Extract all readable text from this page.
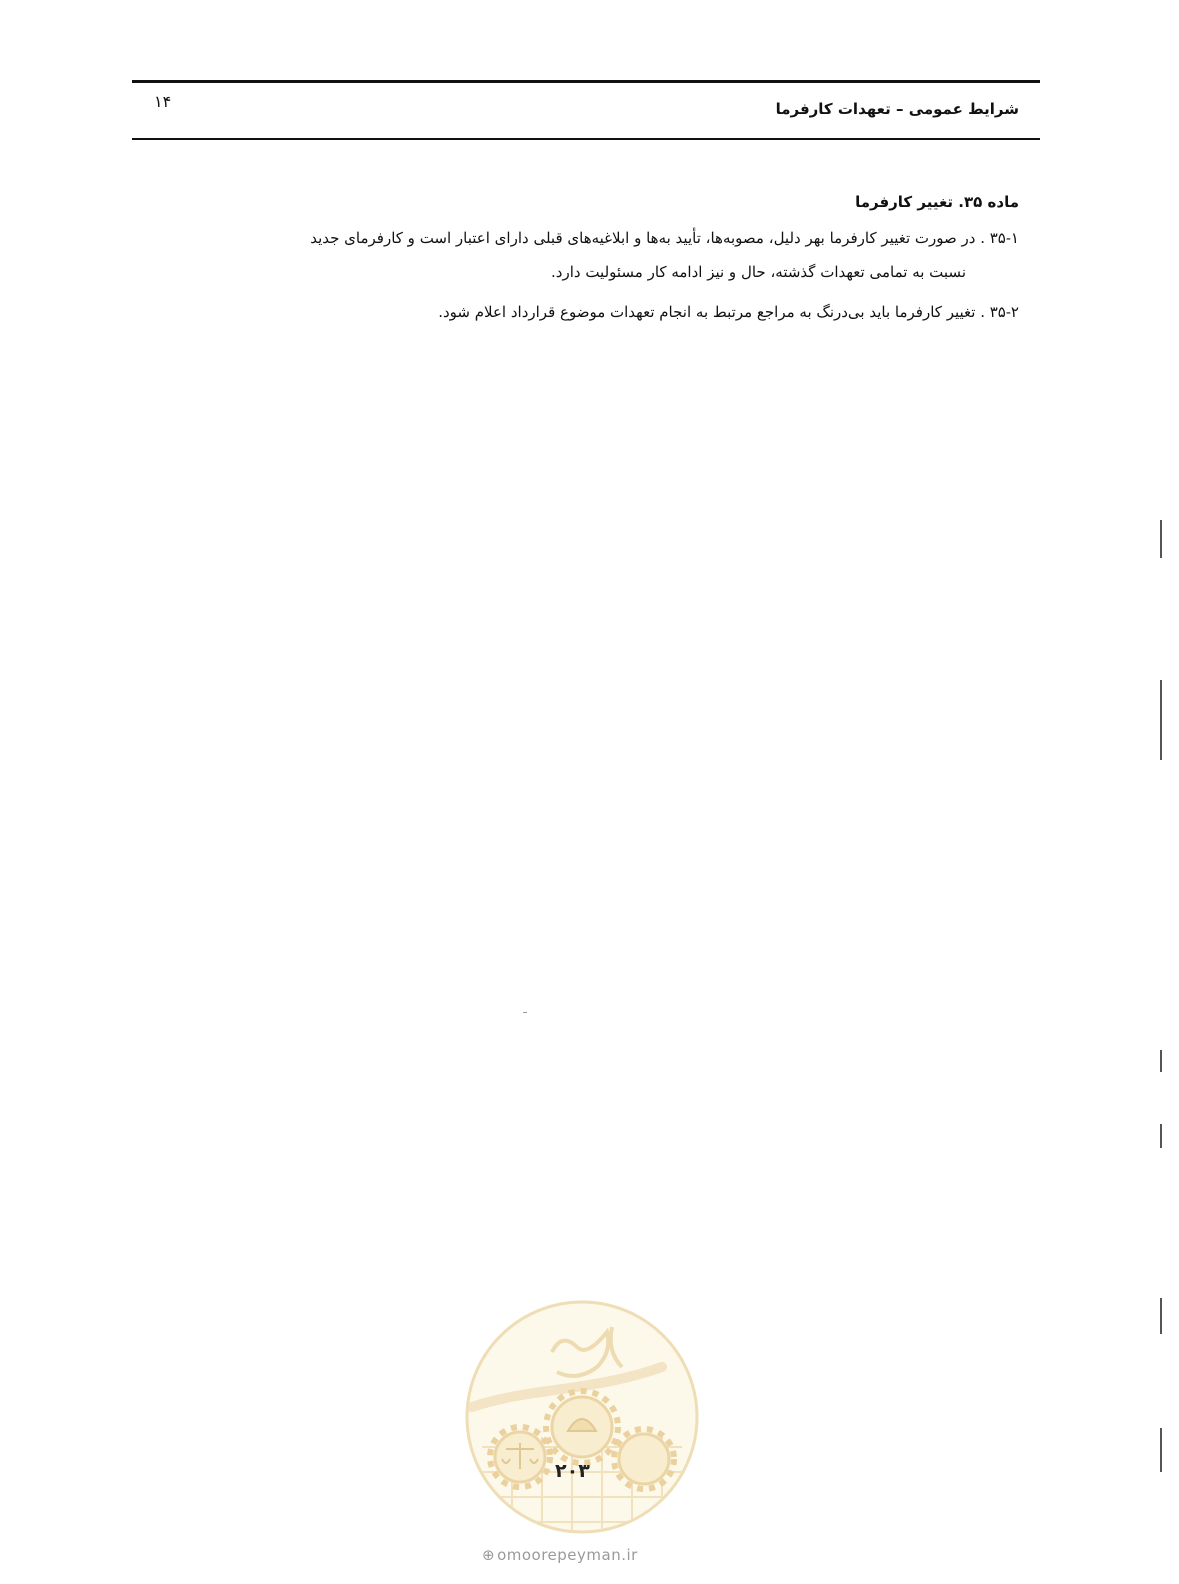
شرایط عمومی – تعهدات کارفرما
۱۴
ماده ۳۵. تغییر کارفرما
۳۵-۱ . در صورت تغییر کارفرما بهر دلیل، مصوبه‌ها، تأیید به‌ها و ابلاغیه‌های قبلی دارای اعتبار است و کارفرمای جدید
نسبت به تمامی تعهدات گذشته، حال و نیز ادامه کار مسئولیت دارد.
۳۵-۲ . تغییر کارفرما باید بی‌درنگ به مراجع مرتبط به انجام تعهدات موضوع قرارداد اعلام شود.
۲۰۳
⊕ omoorepeyman.ir
